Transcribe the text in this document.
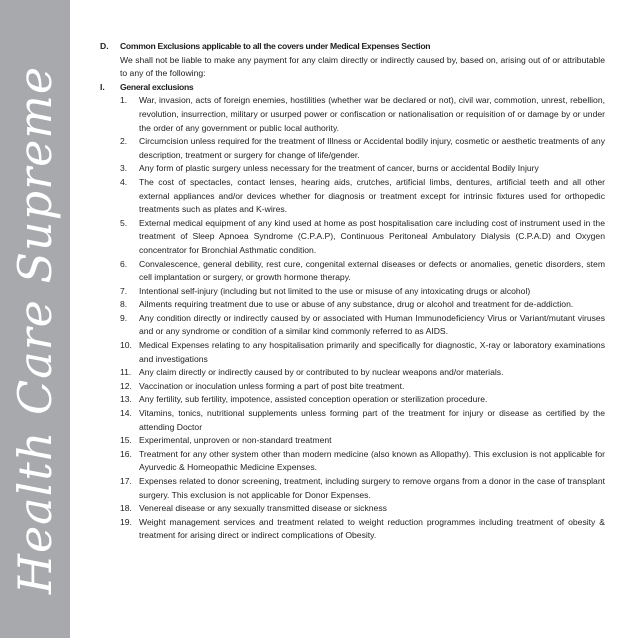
Health Care Supreme
D.	Common Exclusions applicable to all the covers under Medical Expenses Section
We shall not be liable to make any payment for any claim directly or indirectly caused by, based on, arising out of or attributable to any of the following:
I.	General exclusions
1.	War, invasion, acts of foreign enemies, hostilities (whether war be declared or not), civil war, commotion, unrest, rebellion, revolution, insurrection, military or usurped power or confiscation or nationalisation or requisition of or damage by or under the order of any government or public local authority.
2.	Circumcision unless required for the treatment of Illness or Accidental bodily injury, cosmetic or aesthetic treatments of any description, treatment or surgery for change of life/gender.
3.	Any form of plastic surgery unless necessary for the treatment of cancer, burns or accidental Bodily Injury
4.	The cost of spectacles, contact lenses, hearing aids, crutches, artificial limbs, dentures, artificial teeth and all other external appliances and/or devices whether for diagnosis or treatment except for intrinsic fixtures used for orthopedic treatments such as plates and K-wires.
5.	External medical equipment of any kind used at home as post hospitalisation care including cost of instrument used in the treatment of Sleep Apnoea Syndrome (C.P.A.P), Continuous Peritoneal Ambulatory Dialysis (C.P.A.D) and Oxygen concentrator for Bronchial Asthmatic condition.
6.	Convalescence, general debility, rest cure, congenital external diseases or defects or anomalies, genetic disorders, stem cell implantation or surgery, or growth hormone therapy.
7.	Intentional self-injury (including but not limited to the use or misuse of any intoxicating drugs or alcohol)
8.	Ailments requiring treatment due to use or abuse of any substance, drug or alcohol and treatment for de-addiction.
9.	Any condition directly or indirectly caused by or associated with Human Immunodeficiency Virus or Variant/mutant viruses and or any syndrome or condition of a similar kind commonly referred to as AIDS.
10. Medical Expenses relating to any hospitalisation primarily and specifically for diagnostic, X-ray or laboratory examinations and investigations
11. Any claim directly or indirectly caused by or contributed to by nuclear weapons and/or materials.
12. Vaccination or inoculation unless forming a part of post bite treatment.
13. Any fertility, sub fertility, impotence, assisted conception operation or sterilization procedure.
14. Vitamins, tonics, nutritional supplements unless forming part of the treatment for injury or disease as certified by the attending Doctor
15. Experimental, unproven or non-standard treatment
16. Treatment for any other system other than modern medicine (also known as Allopathy). This exclusion is not applicable for Ayurvedic & Homeopathic Medicine Expenses.
17. Expenses related to donor screening, treatment, including surgery to remove organs from a donor in the case of transplant surgery. This exclusion is not applicable for Donor Expenses.
18. Venereal disease or any sexually transmitted disease or sickness
19. Weight management services and treatment related to weight reduction programmes including treatment of obesity & treatment for arising direct or indirect complications of Obesity.
